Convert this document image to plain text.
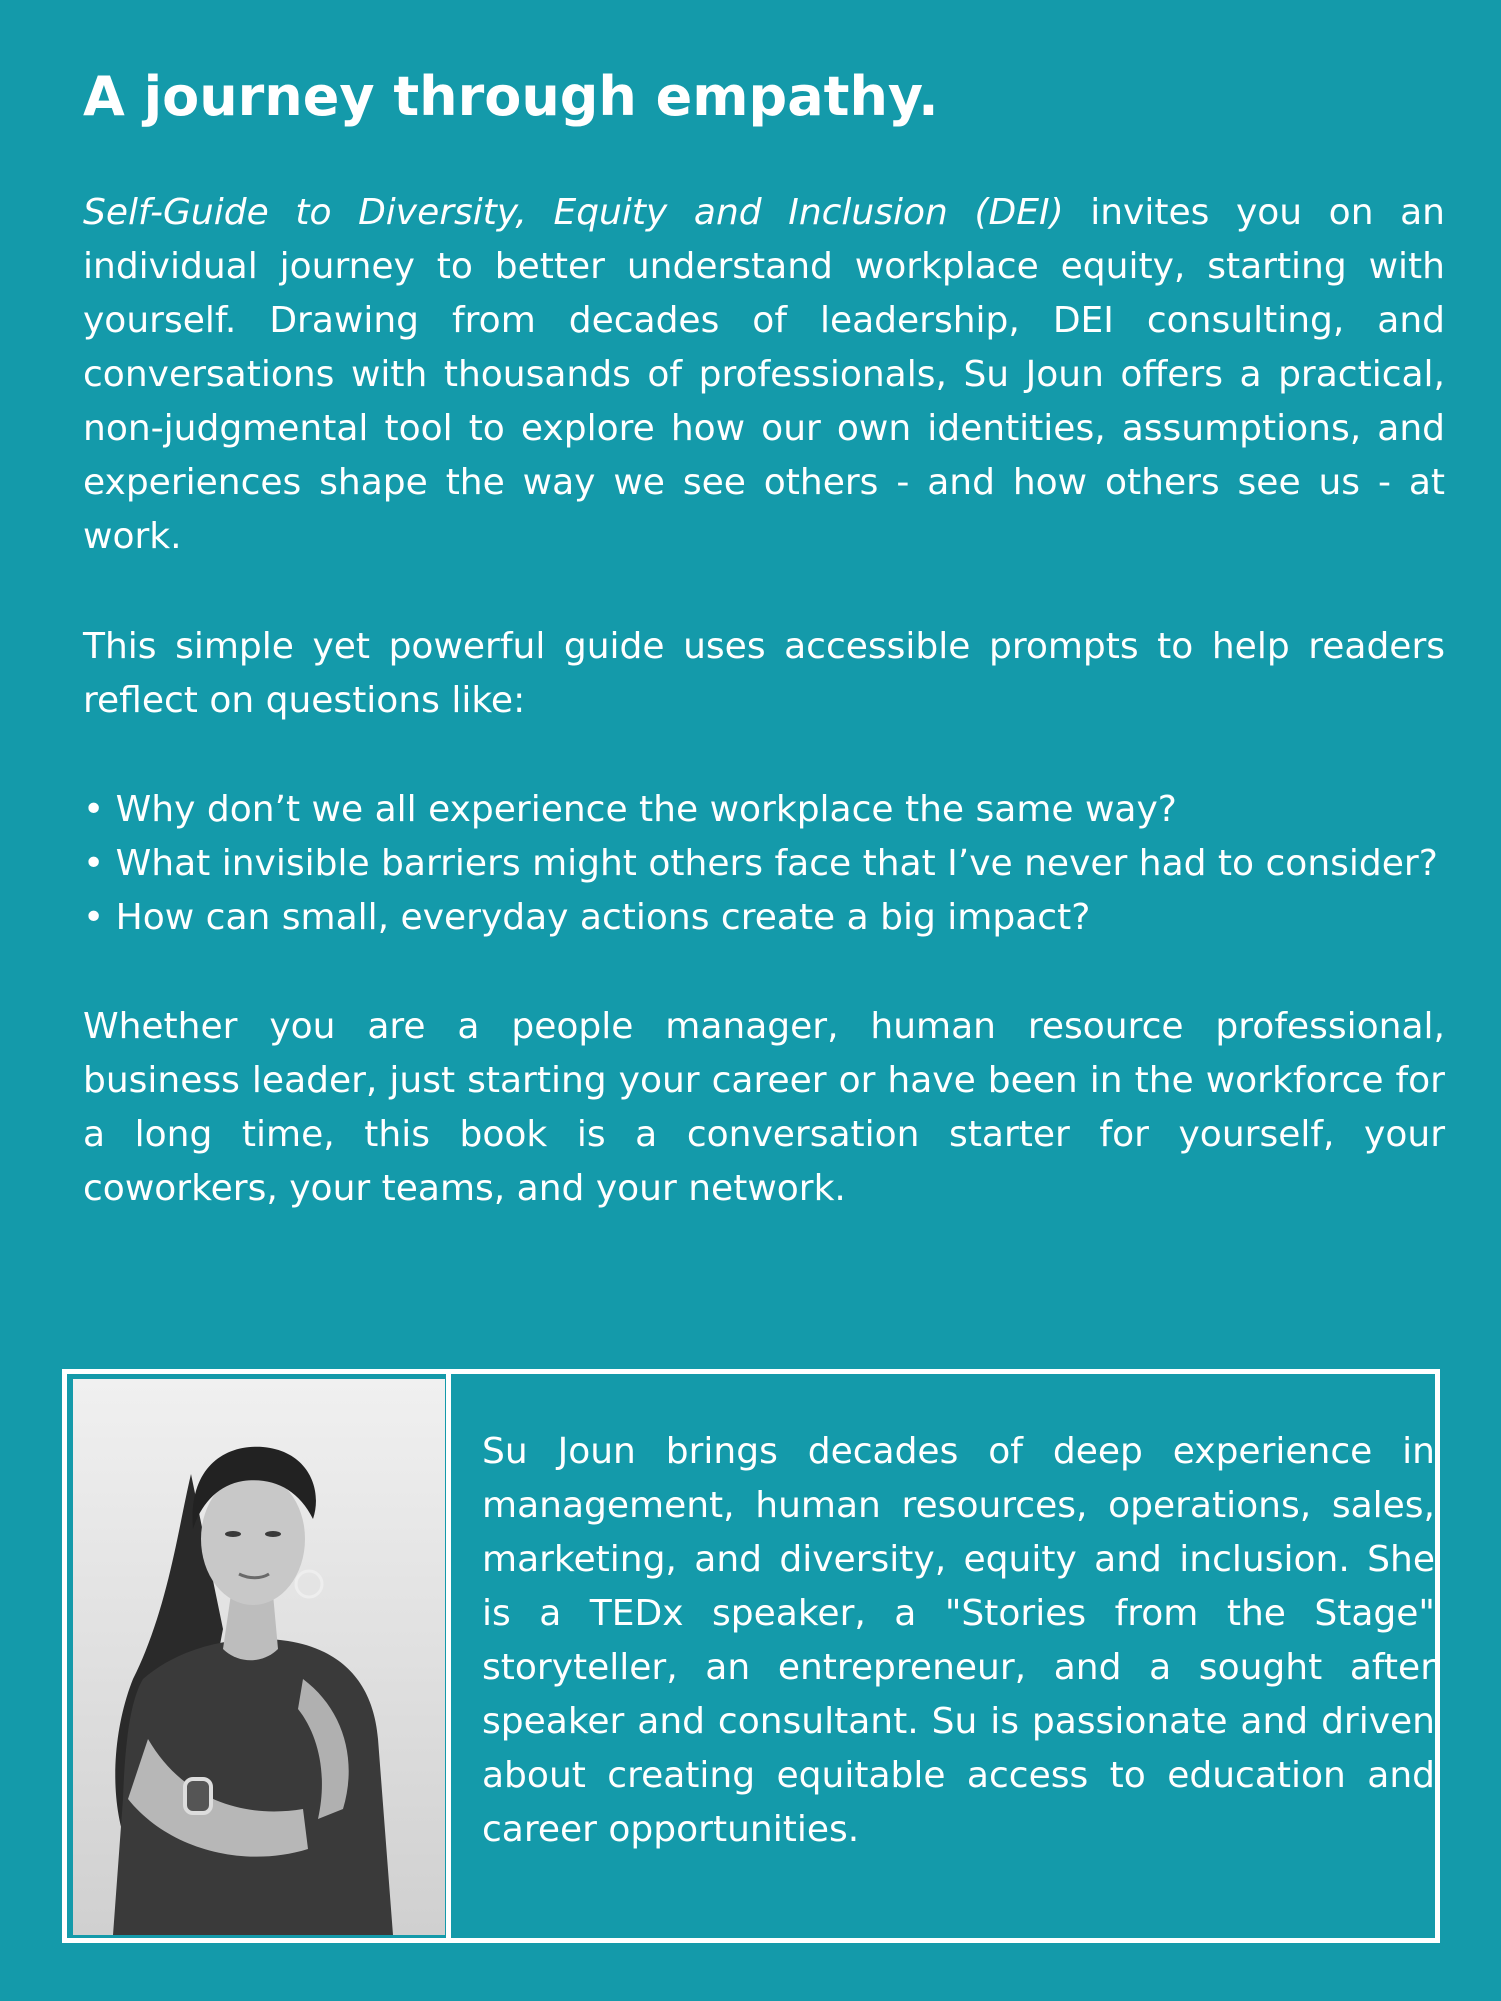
A journey through empathy.

Self-Guide to Diversity, Equity and Inclusion (DEI) invites you on an individual journey to better understand workplace equity, starting with yourself. Drawing from decades of leadership, DEI consulting, and conversations with thousands of professionals, Su Joun offers a practical, non-judgmental tool to explore how our own identities, assumptions, and experiences shape the way we see others - and how others see us - at work.

This simple yet powerful guide uses accessible prompts to help readers reflect on questions like:

• Why don’t we all experience the workplace the same way?
• What invisible barriers might others face that I’ve never had to consider?
• How can small, everyday actions create a big impact?

Whether you are a people manager, human resource professional, business leader, just starting your career or have been in the workforce for a long time, this book is a conversation starter for yourself, your coworkers, your teams, and your network.

Su Joun brings decades of deep experience in management, human resources, operations, sales, marketing, and diversity, equity and inclusion. She is a TEDx speaker, a "Stories from the Stage" storyteller, an entrepreneur, and a sought after speaker and consultant. Su is passionate and driven about creating equitable access to education and career opportunities.
